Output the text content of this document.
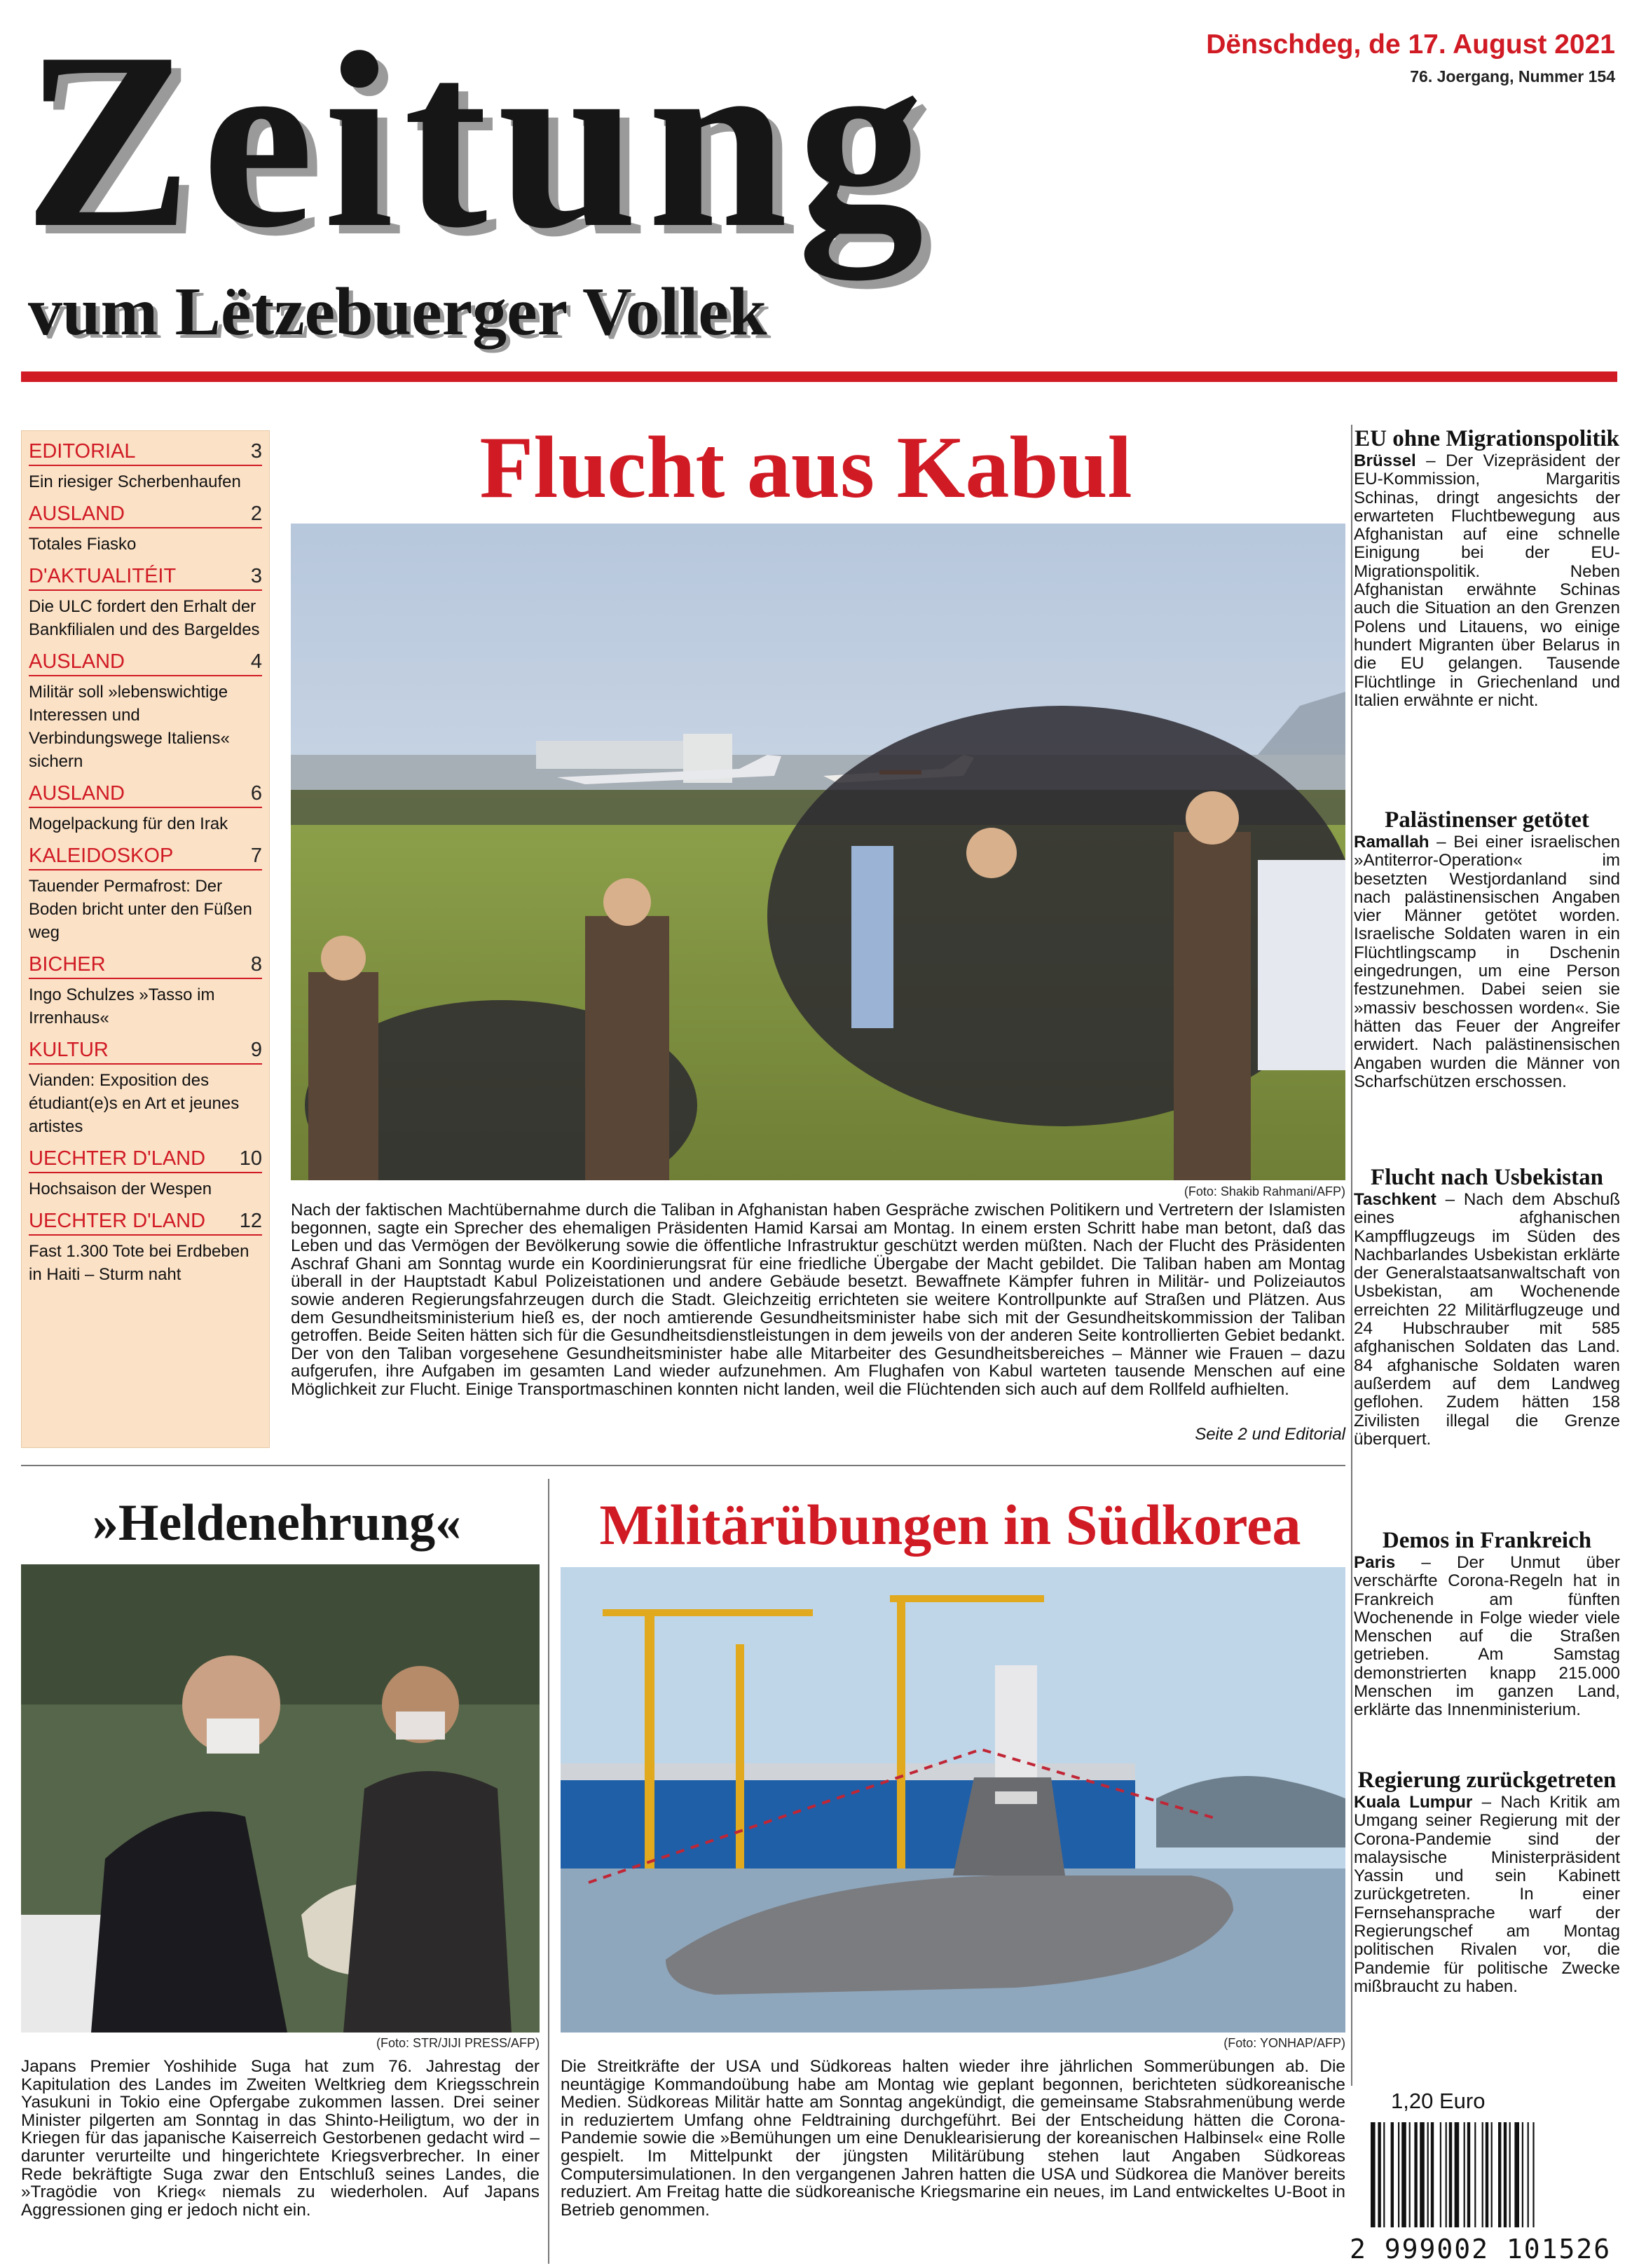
Zeitung
vum Lëtzebuerger Vollek
Dënschdeg, de 17. August 2021
76. Joergang, Nummer 154
EDITORIAL	3
Ein riesiger Scherbenhaufen
AUSLAND	2
Totales Fiasko
D'AKTUALITÉIT	3
Die ULC fordert den Erhalt der Bankfilialen und des Bargeldes
AUSLAND	4
Militär soll »lebenswichtige Interessen und Verbindungswege Italiens« sichern
AUSLAND	6
Mogelpackung für den Irak
KALEIDOSKOP	7
Tauender Permafrost: Der Boden bricht unter den Füßen weg
BICHER	8
Ingo Schulzes »Tasso im Irrenhaus«
KULTUR	9
Vianden: Exposition des étudiant(e)s en Art et jeunes artistes
UECHTER D'LAND 10
Hochsaison der Wespen
UECHTER D'LAND 12
Fast 1.300 Tote bei Erdbeben in Haiti – Sturm naht
Flucht aus Kabul
(Foto: Shakib Rahmani/AFP)
Nach der faktischen Machtübernahme durch die Taliban in Afghanistan haben Gespräche zwischen Politikern und Vertretern der Islamisten begonnen, sagte ein Sprecher des ehemaligen Präsidenten Hamid Karsai am Montag. In einem ersten Schritt habe man betont, daß das Leben und das Vermögen der Bevölkerung sowie die öffentliche Infrastruktur geschützt werden müßten. Nach der Flucht des Präsidenten Aschraf Ghani am Sonntag wurde ein Koordinierungsrat für eine friedliche Übergabe der Macht gebildet. Die Taliban haben am Montag überall in der Hauptstadt Kabul Polizeistationen und andere Gebäude besetzt. Bewaffnete Kämpfer fuhren in Militär- und Polizeiautos sowie anderen Regierungsfahrzeugen durch die Stadt. Gleichzeitig errichteten sie weitere Kontrollpunkte auf Straßen und Plätzen. Aus dem Gesundheitsministerium hieß es, der noch amtierende Gesundheitsminister habe sich mit der Gesundheitskommission der Taliban getroffen. Beide Seiten hätten sich für die Gesundheitsdienstleistungen in dem jeweils von der anderen Seite kontrollierten Gebiet bedankt. Der von den Taliban vorgesehene Gesundheitsminister habe alle Mitarbeiter des Gesundheitsbereiches – Männer wie Frauen – dazu aufgerufen, ihre Aufgaben im gesamten Land wieder aufzunehmen. Am Flughafen von Kabul warteten tausende Menschen auf eine Möglichkeit zur Flucht. Einige Transportmaschinen konnten nicht landen, weil die Flüchtenden sich auch auf dem Rollfeld aufhielten.
Seite 2 und Editorial
EU ohne Migrationspolitik
Brüssel – Der Vizepräsident der EU-Kommission, Margaritis Schinas, dringt angesichts der erwarteten Fluchtbewegung aus Afghanistan auf eine schnelle Einigung bei der EU-Migrationspolitik. Neben Afghanistan erwähnte Schinas auch die Situation an den Grenzen Polens und Litauens, wo einige hundert Migranten über Belarus in die EU gelangen. Tausende Flüchtlinge in Griechenland und Italien erwähnte er nicht.
Palästinenser getötet
Ramallah – Bei einer israelischen »Antiterror-Operation« im besetzten Westjordanland sind nach palästinensischen Angaben vier Männer getötet worden. Israelische Soldaten waren in ein Flüchtlingscamp in Dschenin eingedrungen, um eine Person festzunehmen. Dabei seien sie »massiv beschossen worden«. Sie hätten das Feuer der Angreifer erwidert. Nach palästinensischen Angaben wurden die Männer von Scharfschützen erschossen.
Flucht nach Usbekistan
Taschkent – Nach dem Abschuß eines afghanischen Kampfflugzeugs im Süden des Nachbarlandes Usbekistan erklärte der Generalstaatsanwaltschaft von Usbekistan, am Wochenende erreichten 22 Militärflugzeuge und 24 Hubschrauber mit 585 afghanischen Soldaten das Land. 84 afghanische Soldaten waren außerdem auf dem Landweg geflohen. Zudem hätten 158 Zivilisten illegal die Grenze überquert.
Demos in Frankreich
Paris – Der Unmut über verschärfte Corona-Regeln hat in Frankreich am fünften Wochenende in Folge wieder viele Menschen auf die Straßen getrieben. Am Samstag demonstrierten knapp 215.000 Menschen im ganzen Land, erklärte das Innenministerium.
Regierung zurückgetreten
Kuala Lumpur – Nach Kritik am Umgang seiner Regierung mit der Corona-Pandemie sind der malaysische Ministerpräsident Yassin und sein Kabinett zurückgetreten. In einer Fernsehansprache warf der Regierungschef am Montag politischen Rivalen vor, die Pandemie für politische Zwecke mißbraucht zu haben.
»Heldenehrung«
(Foto: STR/JIJI PRESS/AFP)
Japans Premier Yoshihide Suga hat zum 76. Jahrestag der Kapitulation des Landes im Zweiten Weltkrieg dem Kriegsschrein Yasukuni in Tokio eine Opfergabe zukommen lassen. Drei seiner Minister pilgerten am Sonntag in das Shinto-Heiligtum, wo der in Kriegen für das japanische Kaiserreich Gestorbenen gedacht wird – darunter verurteilte und hingerichtete Kriegsverbrecher. In einer Rede bekräftigte Suga zwar den Entschluß seines Landes, die »Tragödie von Krieg« niemals zu wiederholen. Auf Japans Aggressionen ging er jedoch nicht ein.
Militärübungen in Südkorea
(Foto: YONHAP/AFP)
Die Streitkräfte der USA und Südkoreas halten wieder ihre jährlichen Sommerübungen ab. Die neuntägige Kommandoübung habe am Montag wie geplant begonnen, berichteten südkoreanische Medien. Südkoreas Militär hatte am Sonntag angekündigt, die gemeinsame Stabsrahmenübung werde in reduziertem Umfang ohne Feldtraining durchgeführt. Bei der Entscheidung hätten die Corona-Pandemie sowie die »Bemühungen um eine Denuklearisierung der koreanischen Halbinsel« eine Rolle gespielt. Im Mittelpunkt der jüngsten Militärübung stehen laut Angaben Südkoreas Computersimulationen. In den vergangenen Jahren hatten die USA und Südkorea die Manöver bereits reduziert. Am Freitag hatte die südkoreanische Kriegsmarine ein neues, im Land entwickeltes U-Boot in Betrieb genommen.
1,20 Euro
2 999002 101526
